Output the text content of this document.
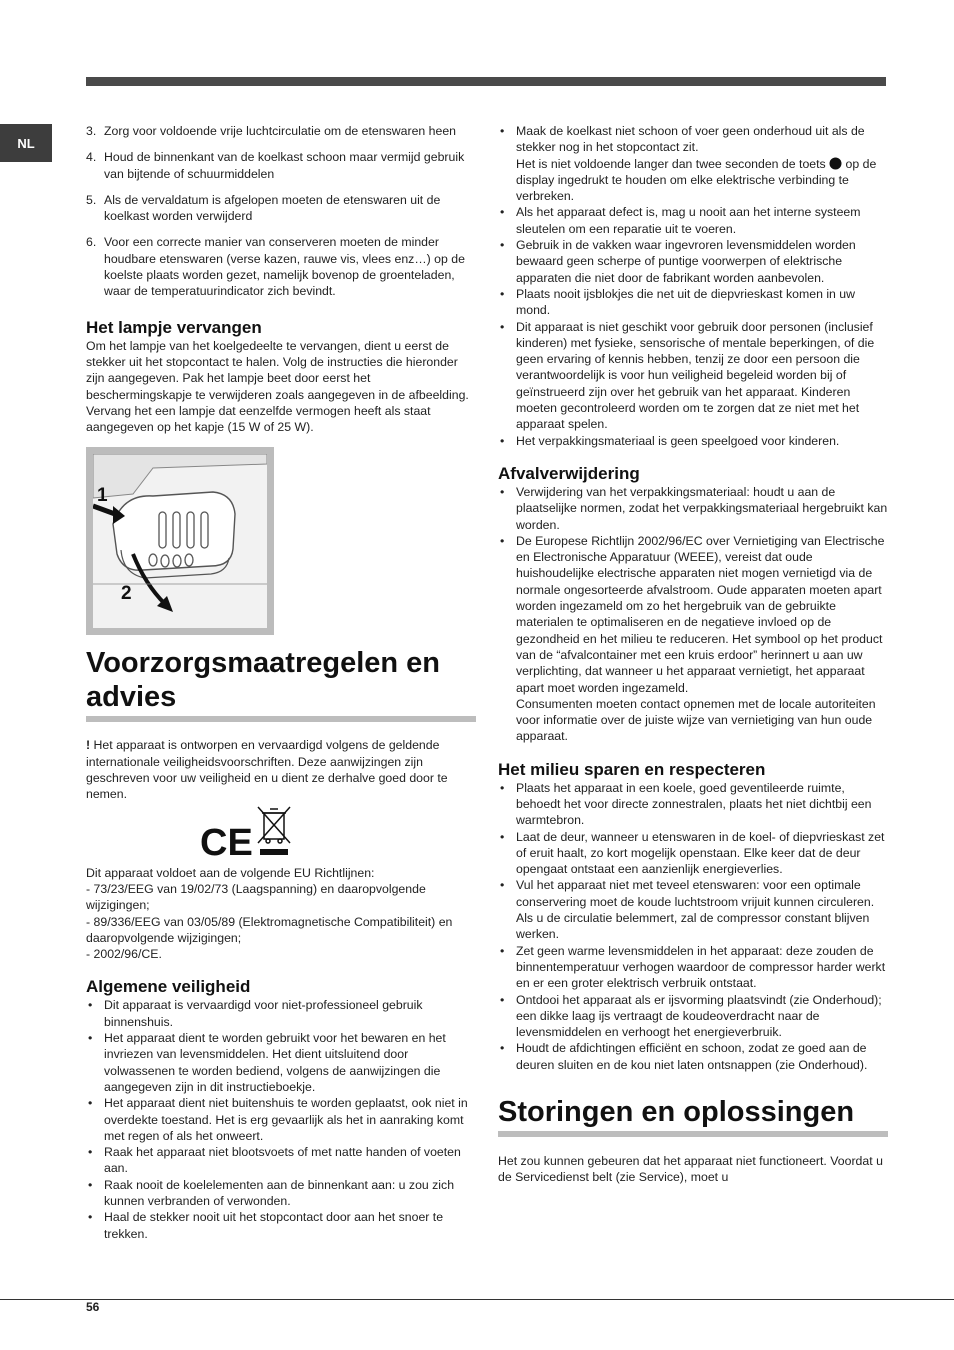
NL
3. Zorg voor voldoende vrije luchtcirculatie om de etenswaren heen
4. Houd de binnenkant van de koelkast schoon maar vermijd gebruik van bijtende of schuurmiddelen
5. Als de vervaldatum is afgelopen moeten de etenswaren uit de koelkast worden verwijderd
6. Voor een correcte manier van conserveren moeten de minder houdbare etenswaren (verse kazen, rauwe vis, vlees enz…) op de koelste plaats worden gezet, namelijk bovenop de groenteladen, waar de temperatuurindicator zich bevindt.
Het lampje vervangen

Om het lampje van het koelgedeelte te vervangen, dient u eerst de stekker uit het stopcontact te halen. Volg de instructies die hieronder zijn aangegeven. Pak het lampje beet door eerst het beschermingskapje te verwijderen zoals aangegeven in de afbeelding. Vervang het een lampje dat eenzelfde vermogen heeft als staat aangegeven op het kapje (15 W of 25 W).

1
2
Voorzorgsmaatregelen en advies

! Het apparaat is ontworpen en vervaardigd volgens de geldende internationale veiligheidsvoorschriften. Deze aanwijzingen zijn geschreven voor uw veiligheid en u dient ze derhalve goed door te nemen.

CE

Dit apparaat voldoet aan de volgende EU Richtlijnen:

- 73/23/EEG van 19/02/73 (Laagspanning) en daaropvolgende wijzigingen;
- 89/336/EEG van 03/05/89 (Elektromagnetische Compatibiliteit) en daaropvolgende wijzigingen;
- 2002/96/CE.
Algemene veiligheid
• Dit apparaat is vervaardigd voor niet-professioneel gebruik binnenshuis.
• Het apparaat dient te worden gebruikt voor het bewaren en het invriezen van levensmiddelen. Het dient uitsluitend door volwassenen te worden bediend, volgens de aanwijzingen die aangegeven zijn in dit instructieboekje.
• Het apparaat dient niet buitenshuis te worden geplaatst, ook niet in overdekte toestand. Het is erg gevaarlijk als het in aanraking komt met regen of als het onweert.
• Raak het apparaat niet blootsvoets of met natte handen of voeten aan.
• Raak nooit de koelelementen aan de binnenkant aan: u zou zich kunnen verbranden of verwonden.
• Haal de stekker nooit uit het stopcontact door aan het snoer te trekken.
• Maak de koelkast niet schoon of voer geen onderhoud uit als de stekker nog in het stopcontact zit.
Het is niet voldoende langer dan twee seconden de toets  op de display ingedrukt te houden om elke elektrische verbinding te verbreken.
• Als het apparaat defect is, mag u nooit aan het interne systeem sleutelen om een reparatie uit te voeren.
• Gebruik in de vakken waar ingevroren levensmiddelen worden bewaard geen scherpe of puntige voorwerpen of elektrische apparaten die niet door de fabrikant worden aanbevolen.
• Plaats nooit ijsblokjes die net uit de diepvrieskast komen in uw mond.
• Dit apparaat is niet geschikt voor gebruik door personen (inclusief kinderen) met fysieke, sensorische of mentale beperkingen, of die geen ervaring of kennis hebben, tenzij ze door een persoon die verantwoordelijk is voor hun veiligheid begeleid worden bij of geïnstrueerd zijn over het gebruik van het apparaat. Kinderen moeten gecontroleerd worden om te zorgen dat ze niet met het apparaat spelen.
• Het verpakkingsmateriaal is geen speelgoed voor kinderen.
Afvalverwijdering
• Verwijdering van het verpakkingsmateriaal: houdt u aan de plaatselijke normen, zodat het verpakkingsmateriaal hergebruikt kan worden.
• De Europese Richtlijn 2002/96/EC over Vernietiging van Electrische en Electronische Apparatuur (WEEE), vereist dat oude huishoudelijke electrische apparaten niet mogen vernietigd via de normale ongesorteerde afvalstroom. Oude apparaten moeten apart worden ingezameld om zo het hergebruik van de gebruikte materialen te optimaliseren en de negatieve invloed op de gezondheid en het milieu te reduceren. Het symbool op het product van de “afvalcontainer met een kruis erdoor” herinnert u aan uw verplichting, dat wanneer u het apparaat vernietigt, het apparaat apart moet worden ingezameld.
Consumenten moeten contact opnemen met de locale autoriteiten voor informatie over de juiste wijze van vernietiging van hun oude apparaat.
Het milieu sparen en respecteren
• Plaats het apparaat in een koele, goed geventileerde ruimte, behoedt het voor directe zonnestralen, plaats het niet dichtbij een warmtebron.
• Laat de deur, wanneer u etenswaren in de koel- of diepvrieskast zet of eruit haalt, zo kort mogelijk openstaan. Elke keer dat de deur opengaat ontstaat een aanzienlijk energieverlies.
• Vul het apparaat niet met teveel etenswaren: voor een optimale conservering moet de koude luchtstroom vrijuit kunnen circuleren. Als u de circulatie belemmert, zal de compressor constant blijven werken.
• Zet geen warme levensmiddelen in het apparaat: deze zouden de binnentemperatuur verhogen waardoor de compressor harder werkt en er een groter elektrisch verbruik ontstaat.
• Ontdooi het apparaat als er ijsvorming plaatsvindt (zie Onderhoud); een dikke laag ijs vertraagt de koudeoverdracht naar de levensmiddelen en verhoogt het energieverbruik.
• Houdt de afdichtingen efficiënt en schoon, zodat ze goed aan de deuren sluiten en de kou niet laten ontsnappen (zie Onderhoud).
Storingen en oplossingen

Het zou kunnen gebeuren dat het apparaat niet functioneert. Voordat u de Servicedienst belt (zie Service), moet u

56
